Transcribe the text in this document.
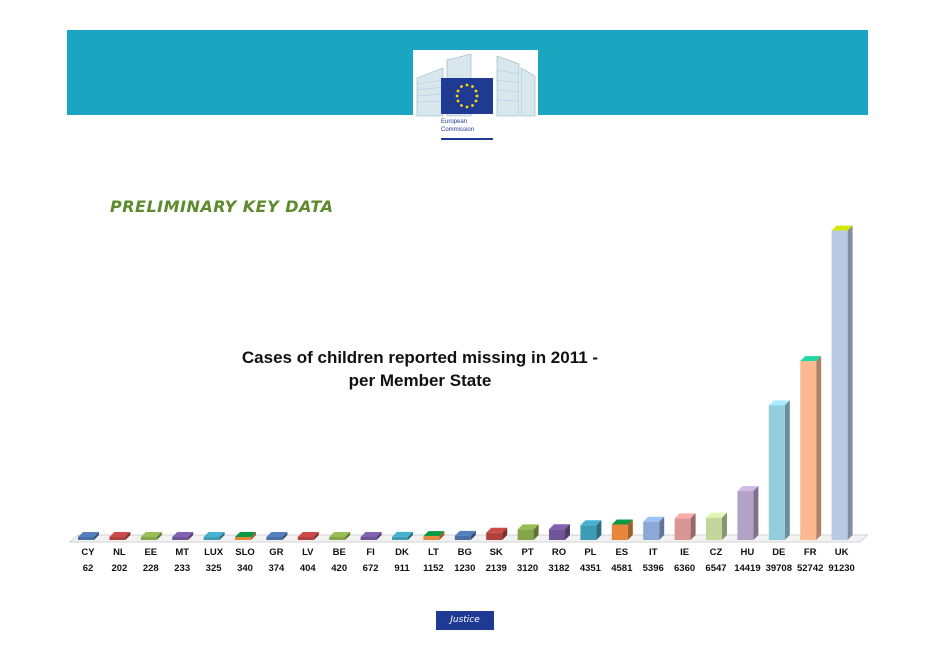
European
Commission
PRELIMINARY KEY DATA
CY
62
NL
202
EE
228
MT
233
LUX
325
SLO
340
GR
374
LV
404
BE
420
FI
672
DK
911
LT
1152
BG
1230
SK
2139
PT
3120
RO
3182
PL
4351
ES
4581
IT
5396
IE
6360
CZ
6547
HU
14419
DE
39708
FR
52742
UK
91230
Cases of children reported missing in 2011 -
per Member State
Justice
